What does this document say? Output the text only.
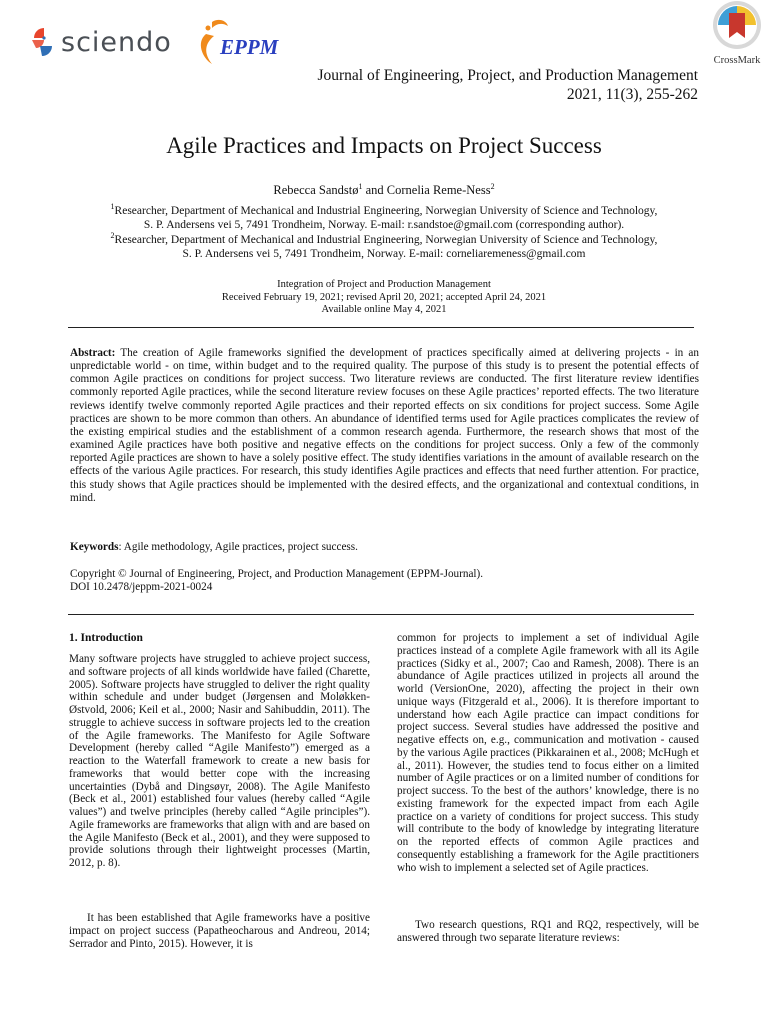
sciendo EPPM
CrossMark
Journal of Engineering, Project, and Production Management
2021, 11(3), 255-262
Agile Practices and Impacts on Project Success
Rebecca Sandstø$^1$ and Cornelia Reme-Ness$^2$
$^1$Researcher, Department of Mechanical and Industrial Engineering, Norwegian University of Science and Technology,
S. P. Andersens vei 5, 7491 Trondheim, Norway. E-mail: r.sandstoe@gmail.com (corresponding author).
$^2$Researcher, Department of Mechanical and Industrial Engineering, Norwegian University of Science and Technology,
S. P. Andersens vei 5, 7491 Trondheim, Norway. E-mail: corneliaremeness@gmail.com
Integration of Project and Production Management
Received February 19, 2021; revised April 20, 2021; accepted April 24, 2021
Available online May 4, 2021
Abstract: The creation of Agile frameworks signified the development of practices specifically aimed at delivering projects - in an unpredictable world - on time, within budget and to the required quality. The purpose of this study is to present the potential effects of common Agile practices on conditions for project success. Two literature reviews are conducted. The first literature review identifies commonly reported Agile practices, while the second literature review focuses on these Agile practices’ reported effects. The two literature reviews identify twelve commonly reported Agile practices and their reported effects on six conditions for project success. Some Agile practices are shown to be more common than others. An abundance of identified terms used for Agile practices complicates the review of the existing empirical studies and the establishment of a common research agenda. Furthermore, the research shows that most of the examined Agile practices have both positive and negative effects on the conditions for project success. Only a few of the commonly reported Agile practices are shown to have a solely positive effect. The study identifies variations in the amount of available research on the effects of the various Agile practices. For research, this study identifies Agile practices and effects that need further attention. For practice, this study shows that Agile practices should be implemented with the desired effects, and the organizational and contextual conditions, in mind.
Keywords: Agile methodology, Agile practices, project success.
Copyright © Journal of Engineering, Project, and Production Management (EPPM-Journal).
DOI 10.2478/jeppm-2021-0024
1. Introduction
Many software projects have struggled to achieve project success, and software projects of all kinds worldwide have failed (Charette, 2005). Software projects have struggled to deliver the right quality within schedule and under budget (Jørgensen and Moløkken-Østvold, 2006; Keil et al., 2000; Nasir and Sahibuddin, 2011). The struggle to achieve success in software projects led to the creation of the Agile frameworks. The Manifesto for Agile Software Development (hereby called “Agile Manifesto”) emerged as a reaction to the Waterfall framework to create a new basis for frameworks that would better cope with the increasing uncertainties (Dybå and Dingsøyr, 2008). The Agile Manifesto (Beck et al., 2001) established four values (hereby called “Agile values”) and twelve principles (hereby called “Agile principles”). Agile frameworks are frameworks that align with and are based on the Agile Manifesto (Beck et al., 2001), and they were supposed to provide solutions through their lightweight processes (Martin, 2012, p. 8).
It has been established that Agile frameworks have a positive impact on project success (Papatheocharous and Andreou, 2014; Serrador and Pinto, 2015). However, it is
common for projects to implement a set of individual Agile practices instead of a complete Agile framework with all its Agile practices (Sidky et al., 2007; Cao and Ramesh, 2008). There is an abundance of Agile practices utilized in projects all around the world (VersionOne, 2020), affecting the project in their own unique ways (Fitzgerald et al., 2006). It is therefore important to understand how each Agile practice can impact conditions for project success. Several studies have addressed the positive and negative effects on, e.g., communication and motivation - caused by the various Agile practices (Pikkarainen et al., 2008; McHugh et al., 2011). However, the studies tend to focus either on a limited number of Agile practices or on a limited number of conditions for project success. To the best of the authors’ knowledge, there is no existing framework for the expected impact from each Agile practice on a variety of conditions for project success. This study will contribute to the body of knowledge by integrating literature on the reported effects of common Agile practices and consequently establishing a framework for the Agile practitioners who wish to implement a selected set of Agile practices.
Two research questions, RQ1 and RQ2, respectively, will be answered through two separate literature reviews:
